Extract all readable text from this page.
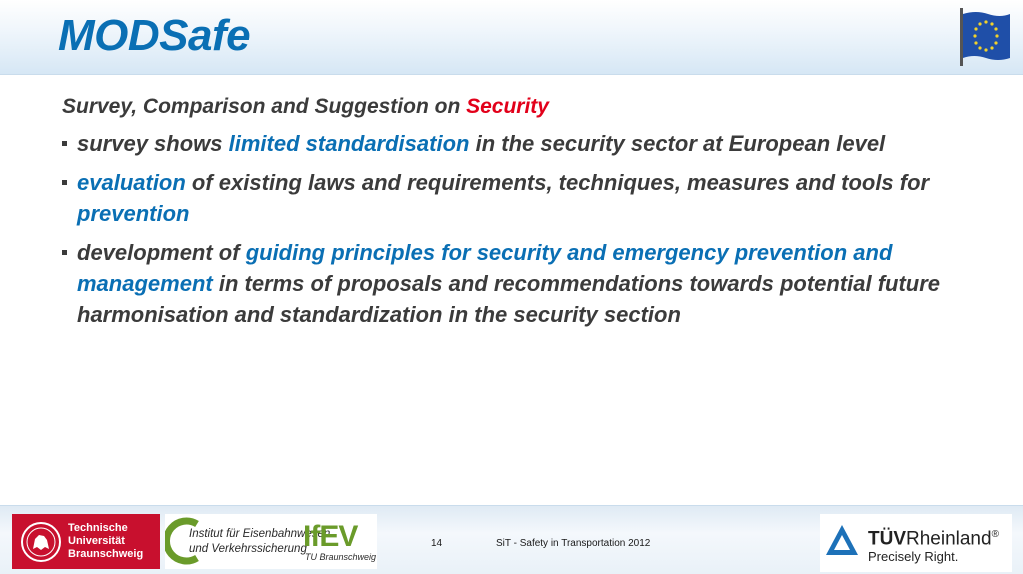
MODSafe
Survey, Comparison and Suggestion on Security
survey shows limited standardisation in the security sector at European level
evaluation of existing laws and requirements, techniques, measures and tools for prevention
development of guiding principles for security and emergency prevention and management in terms of proposals and recommendations towards potential future harmonisation and standardization in the security section
Technische
Universität
Braunschweig
Institut für Eisenbahnwesen
und Verkehrssicherung
IfEV
TU Braunschweig
14	SiT - Safety in Transportation 2012	TÜVRheinland®
Precisely Right.
